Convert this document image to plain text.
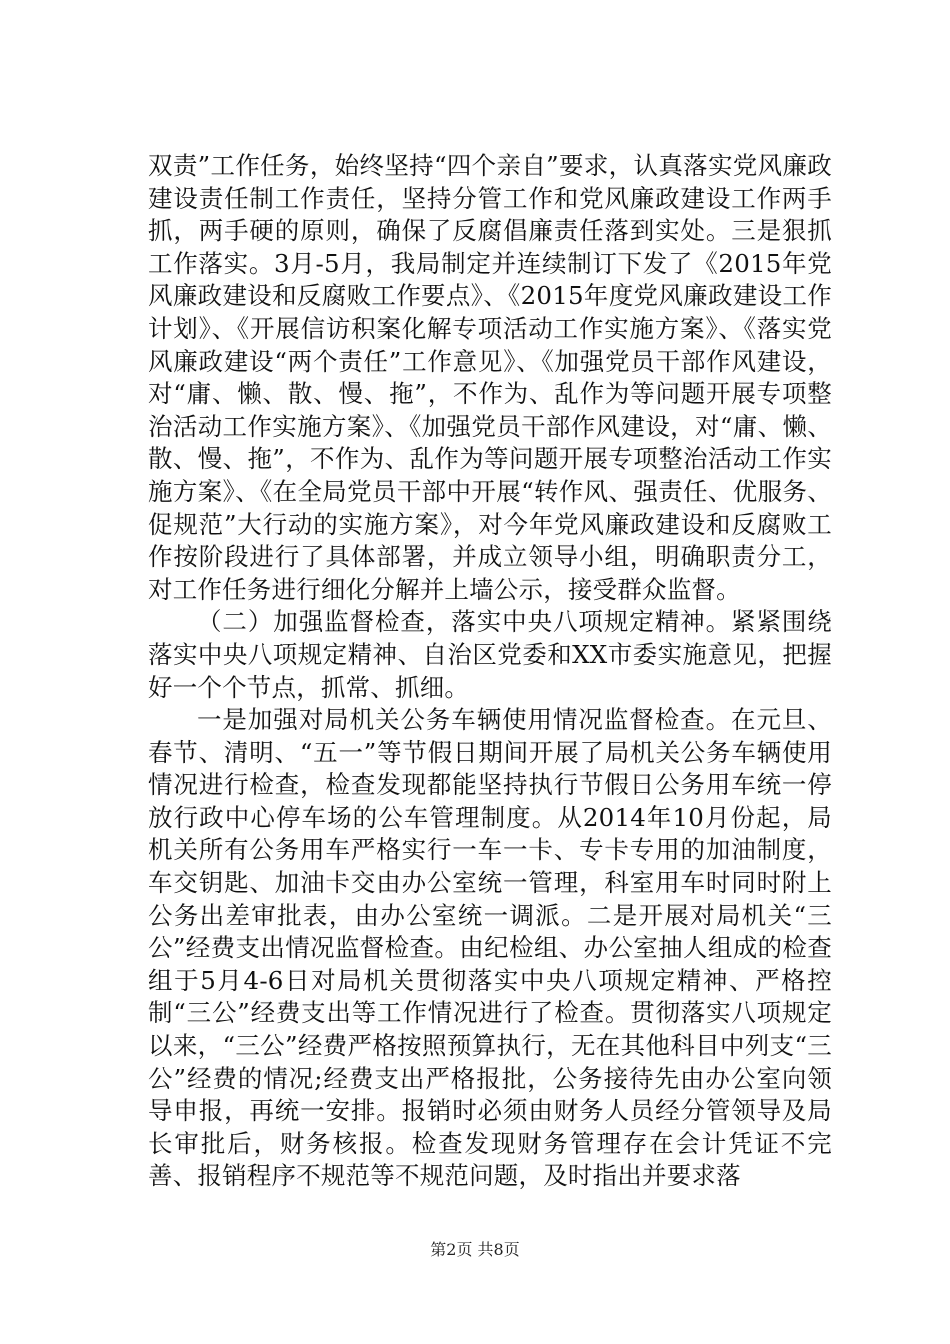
双责”工作任务，始终坚持“四个亲自”要求，认真落实党风廉政建设责任制工作责任，坚持分管工作和党风廉政建设工作两手抓，两手硬的原则，确保了反腐倡廉责任落到实处。三是狠抓工作落实。3月-5月，我局制定并连续制订下发了《2015年党风廉政建设和反腐败工作要点》、《2015年度党风廉政建设工作计划》、《开展信访积案化解专项活动工作实施方案》、《落实党风廉政建设“两个责任”工作意见》、《加强党员干部作风建设，对“庸、懒、散、慢、拖”，不作为、乱作为等问题开展专项整治活动工作实施方案》、《加强党员干部作风建设，对“庸、懒、散、慢、拖”，不作为、乱作为等问题开展专项整治活动工作实施方案》、《在全局党员干部中开展“转作风、强责任、优服务、促规范”大行动的实施方案》，对今年党风廉政建设和反腐败工作按阶段进行了具体部署，并成立领导小组，明确职责分工，对工作任务进行细化分解并上墙公示，接受群众监督。

（二）加强监督检查，落实中央八项规定精神。紧紧围绕落实中央八项规定精神、自治区党委和XX市委实施意见，把握好一个个节点，抓常、抓细。

一是加强对局机关公务车辆使用情况监督检查。在元旦、春节、清明、“五一”等节假日期间开展了局机关公务车辆使用情况进行检查，检查发现都能坚持执行节假日公务用车统一停放行政中心停车场的公车管理制度。从2014年10月份起，局机关所有公务用车严格实行一车一卡、专卡专用的加油制度，车交钥匙、加油卡交由办公室统一管理，科室用车时同时附上公务出差审批表，由办公室统一调派。二是开展对局机关“三公”经费支出情况监督检查。由纪检组、办公室抽人组成的检查组于5月4-6日对局机关贯彻落实中央八项规定精神、严格控制“三公”经费支出等工作情况进行了检查。贯彻落实八项规定以来，“三公”经费严格按照预算执行，无在其他科目中列支“三公”经费的情况;经费支出严格报批，公务接待先由办公室向领导申报，再统一安排。报销时必须由财务人员经分管领导及局长审批后，财务核报。检查发现财务管理存在会计凭证不完善、报销程序不规范等不规范问题，及时指出并要求落

第2页 共8页
